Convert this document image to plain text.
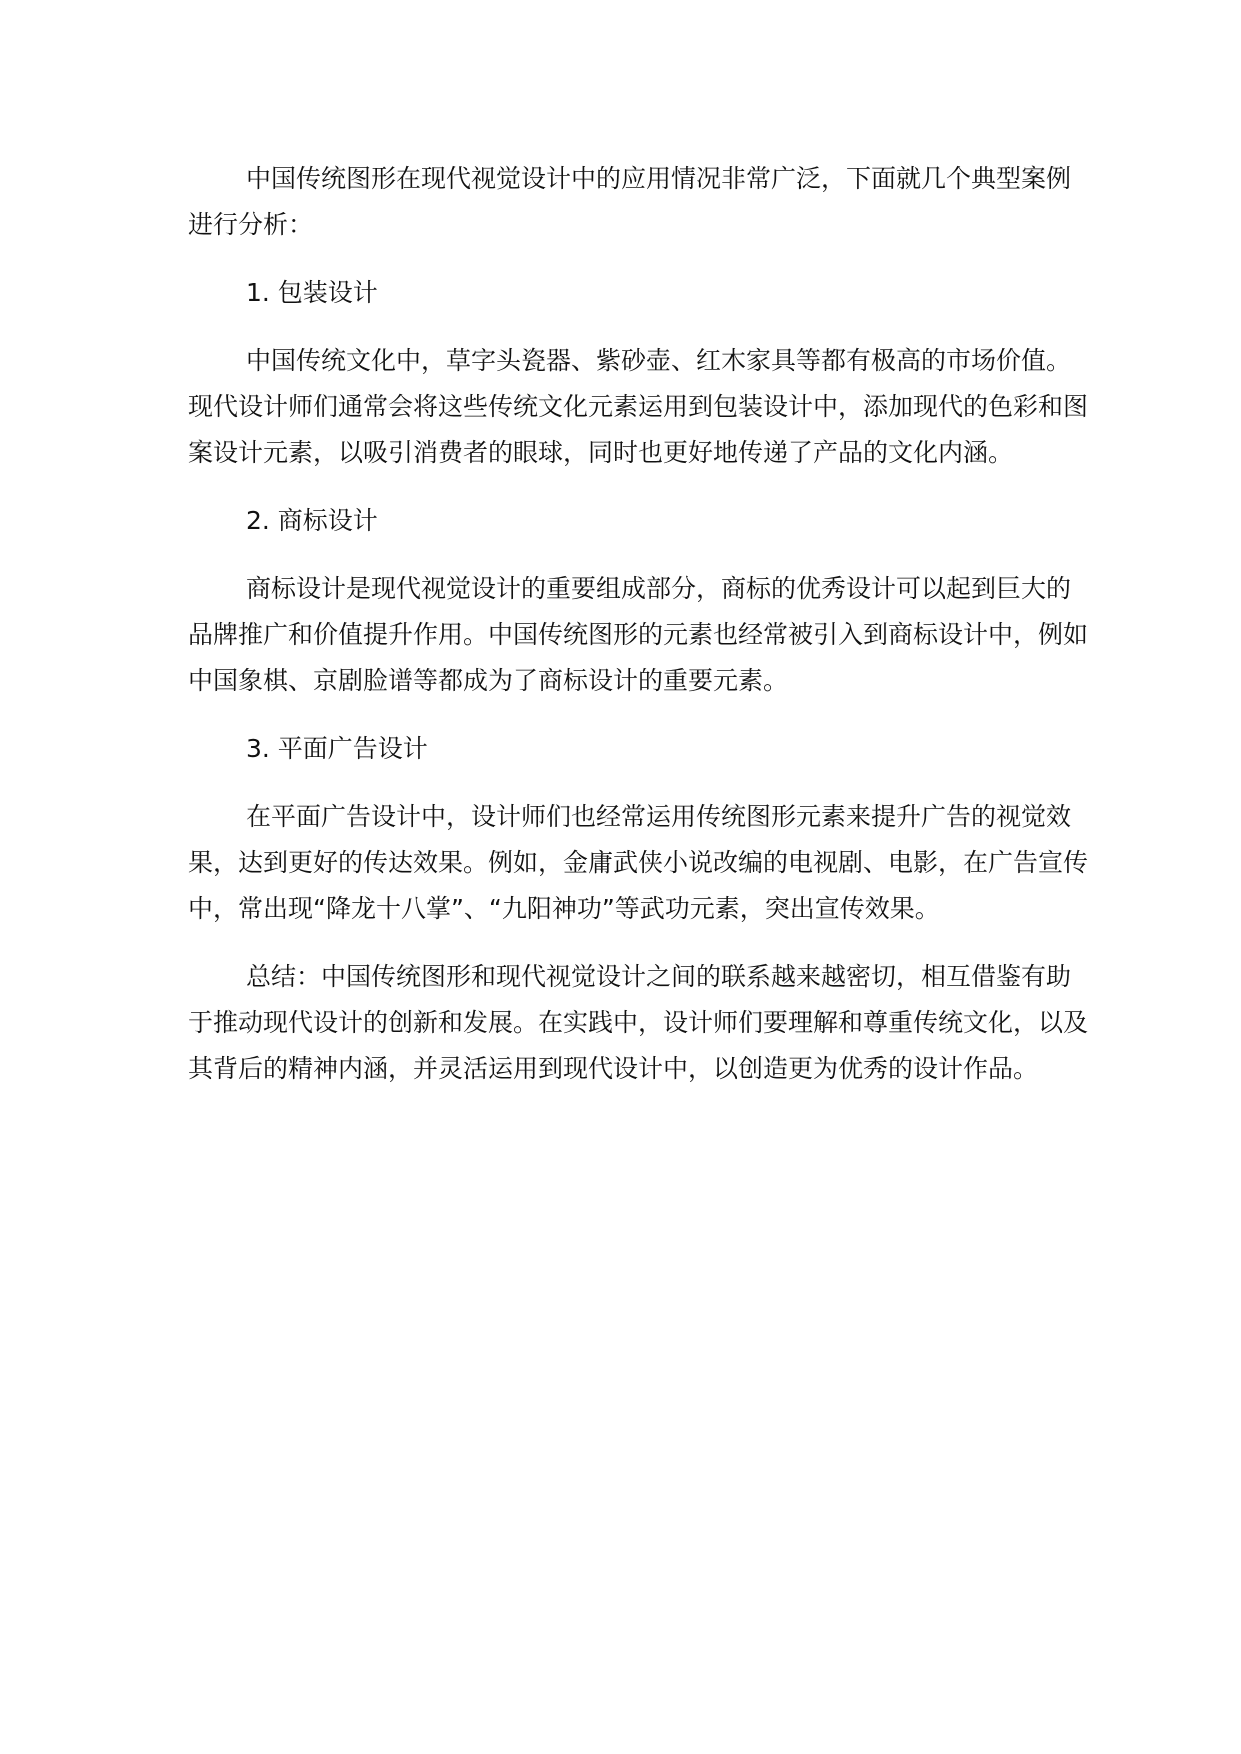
中国传统图形在现代视觉设计中的应用情况非常广泛，下面就几个典型案例进行分析：

1. 包装设计

中国传统文化中，草字头瓷器、紫砂壶、红木家具等都有极高的市场价值。现代设计师们通常会将这些传统文化元素运用到包装设计中，添加现代的色彩和图案设计元素，以吸引消费者的眼球，同时也更好地传递了产品的文化内涵。

2. 商标设计

商标设计是现代视觉设计的重要组成部分，商标的优秀设计可以起到巨大的品牌推广和价值提升作用。中国传统图形的元素也经常被引入到商标设计中，例如中国象棋、京剧脸谱等都成为了商标设计的重要元素。

3. 平面广告设计

在平面广告设计中，设计师们也经常运用传统图形元素来提升广告的视觉效果，达到更好的传达效果。例如，金庸武侠小说改编的电视剧、电影，在广告宣传中，常出现“降龙十八掌”、“九阳神功”等武功元素，突出宣传效果。

总结：中国传统图形和现代视觉设计之间的联系越来越密切，相互借鉴有助于推动现代设计的创新和发展。在实践中，设计师们要理解和尊重传统文化，以及其背后的精神内涵，并灵活运用到现代设计中，以创造更为优秀的设计作品。
